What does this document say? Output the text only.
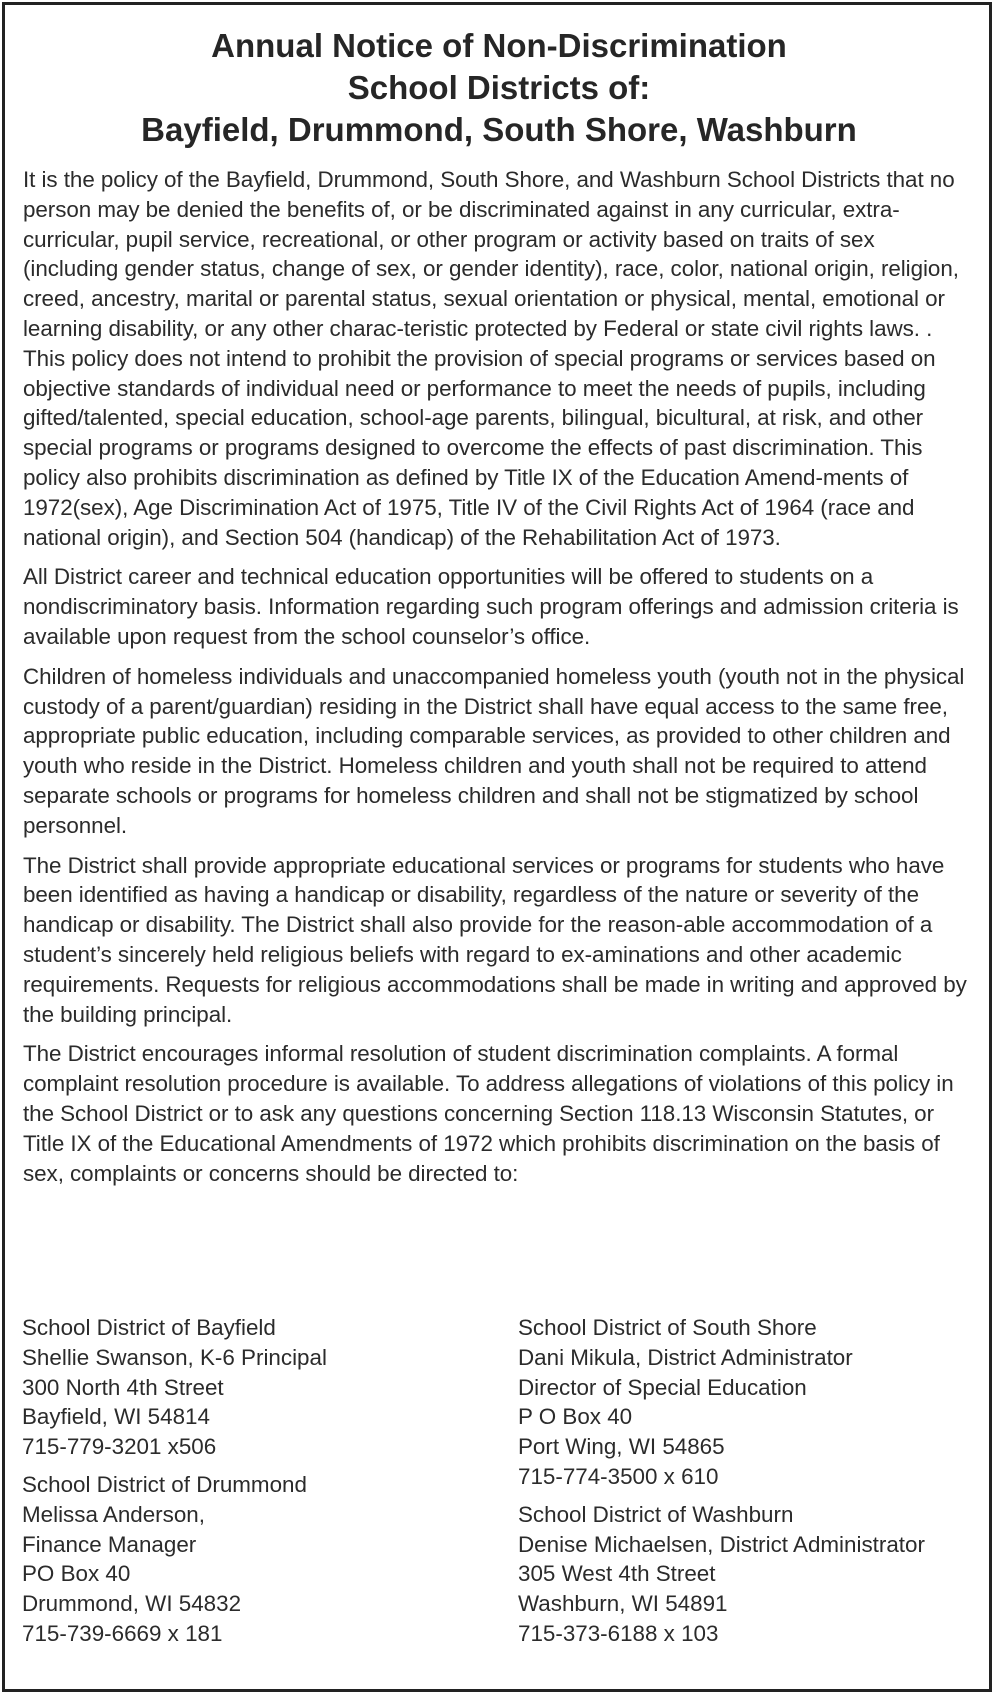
Annual Notice of Non-Discrimination
School Districts of:
Bayfield, Drummond, South Shore, Washburn

It is the policy of the Bayfield, Drummond, South Shore, and Washburn School Districts that no person may be denied the benefits of, or be discriminated against in any curricular, extra-curricular, pupil service, recreational, or other program or activity based on traits of sex (including gender status, change of sex, or gender identity), race, color, national origin, religion, creed, ancestry, marital or parental status, sexual orientation or physical, mental, emotional or learning disability, or any other charac-teristic protected by Federal or state civil rights laws. . This policy does not intend to prohibit the provision of special programs or services based on objective standards of individual need or performance to meet the needs of pupils, including gifted/talented, special education, school-age parents, bilingual, bicultural, at risk, and other special programs or programs designed to overcome the effects of past discrimination. This policy also prohibits discrimination as defined by Title IX of the Education Amend-ments of 1972(sex), Age Discrimination Act of 1975, Title IV of the Civil Rights Act of 1964 (race and national origin), and Section 504 (handicap) of the Rehabilitation Act of 1973.

All District career and technical education opportunities will be offered to students on a nondiscriminatory basis. Information regarding such program offerings and admission criteria is available upon request from the school counselor’s office.

Children of homeless individuals and unaccompanied homeless youth (youth not in the physical custody of a parent/guardian) residing in the District shall have equal access to the same free, appropriate public education, including comparable services, as provided to other children and youth who reside in the District. Homeless children and youth shall not be required to attend separate schools or programs for homeless children and shall not be stigmatized by school personnel.

The District shall provide appropriate educational services or programs for students who have been identified as having a handicap or disability, regardless of the nature or severity of the handicap or disability. The District shall also provide for the reason-able accommodation of a student’s sincerely held religious beliefs with regard to ex-aminations and other academic requirements. Requests for religious accommodations shall be made in writing and approved by the building principal.

The District encourages informal resolution of student discrimination complaints. A formal complaint resolution procedure is available. To address allegations of violations of this policy in the School District or to ask any questions concerning Section 118.13 Wisconsin Statutes, or Title IX of the Educational Amendments of 1972 which prohibits discrimination on the basis of sex, complaints or concerns should be directed to:

School District of Bayfield
Shellie Swanson, K-6 Principal
300 North 4th Street
Bayfield, WI 54814
715-779-3201 x506
School District of Drummond
Melissa Anderson,
Finance Manager
PO Box 40
Drummond, WI 54832
715-739-6669 x 181
School District of South Shore
Dani Mikula, District Administrator
Director of Special Education
P O Box 40
Port Wing, WI 54865
715-774-3500 x 610
School District of Washburn
Denise Michaelsen, District Administrator
305 West 4th Street
Washburn, WI 54891
715-373-6188 x 103
